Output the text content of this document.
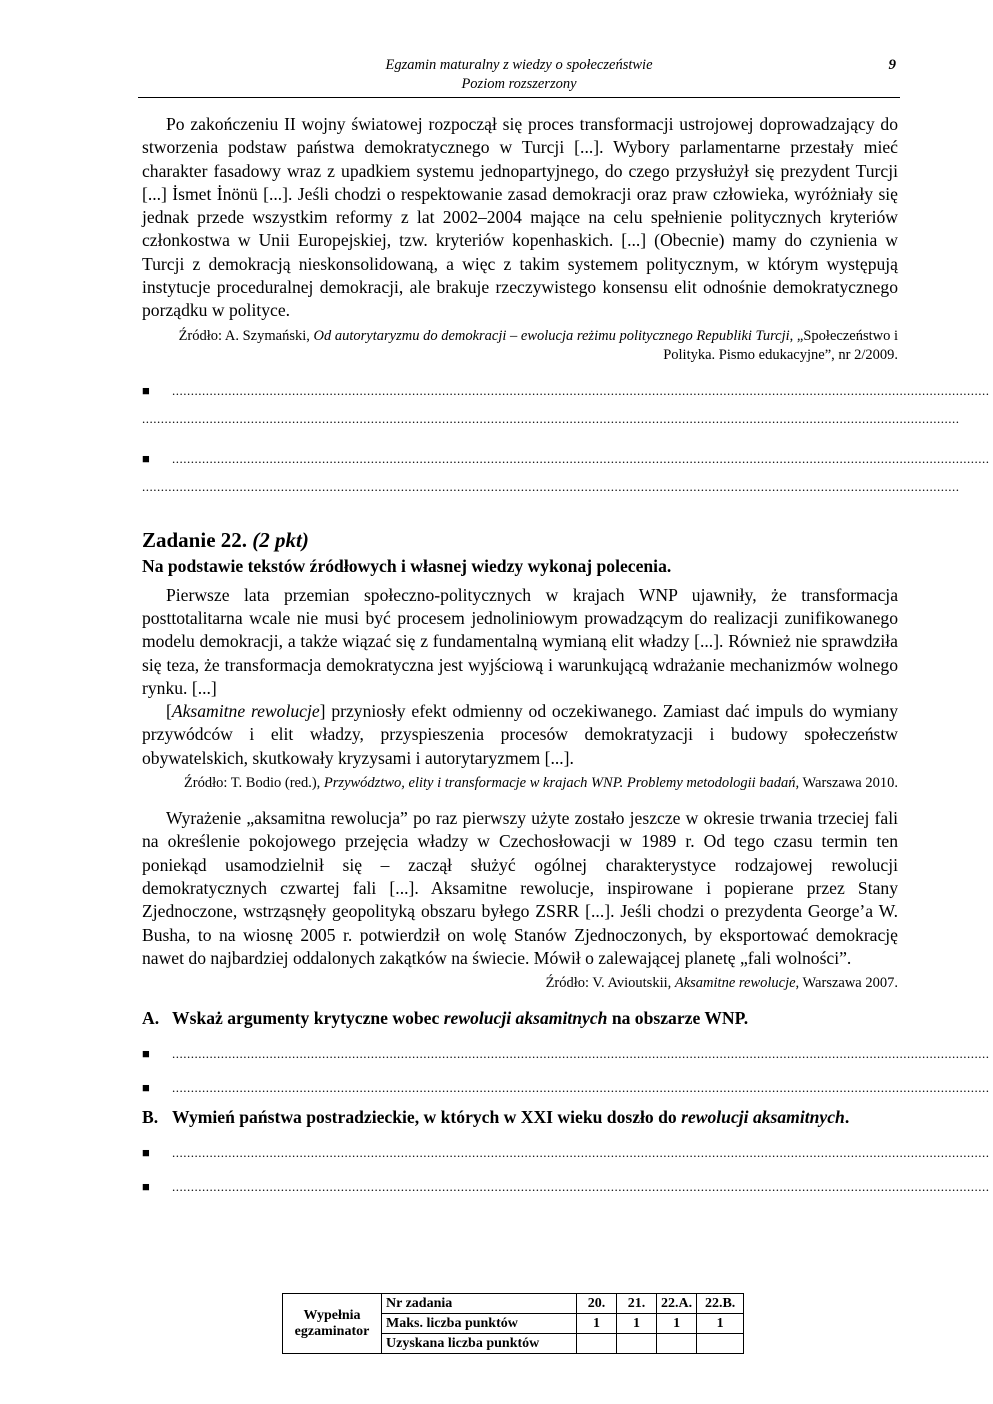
Egzamin maturalny z wiedzy o społeczeństwie
Poziom rozszerzony
9

Po zakończeniu II wojny światowej rozpoczął się proces transformacji ustrojowej doprowadzający do stworzenia podstaw państwa demokratycznego w Turcji [...]. Wybory parlamentarne przestały mieć charakter fasadowy wraz z upadkiem systemu jednopartyjnego, do czego przysłużył się prezydent Turcji [...] İsmet İnönü [...]. Jeśli chodzi o respektowanie zasad demokracji oraz praw człowieka, wyróżniały się jednak przede wszystkim reformy z lat 2002–2004 mające na celu spełnienie politycznych kryteriów członkostwa w Unii Europejskiej, tzw. kryteriów kopenhaskich. [...] (Obecnie) mamy do czynienia w Turcji z demokracją nieskonsolidowaną, a więc z takim systemem politycznym, w którym występują instytucje proceduralnej demokracji, ale brakuje rzeczywistego konsensu elit odnośnie demokratycznego porządku w polityce.

Źródło: A. Szymański, Od autorytaryzmu do demokracji – ewolucja reżimu politycznego Republiki Turcji, „Społeczeństwo i Polityka. Pismo edukacyjne”, nr 2/2009.
■	..........................................................................................................................................................................................................................
..........................................................................................................................................................................................................................
■	..........................................................................................................................................................................................................................
..........................................................................................................................................................................................................................
Zadanie 22. (2 pkt)
Na podstawie tekstów źródłowych i własnej wiedzy wykonaj polecenia.

Pierwsze lata przemian społeczno-politycznych w krajach WNP ujawniły, że transformacja posttotalitarna wcale nie musi być procesem jednoliniowym prowadzącym do realizacji zunifikowanego modelu demokracji, a także wiązać się z fundamentalną wymianą elit władzy [...]. Również nie sprawdziła się teza, że transformacja demokratyczna jest wyjściową i warunkującą wdrażanie mechanizmów wolnego rynku. [...]

[Aksamitne rewolucje] przyniosły efekt odmienny od oczekiwanego. Zamiast dać impuls do wymiany przywódców i elit władzy, przyspieszenia procesów demokratyzacji i budowy społeczeństw obywatelskich, skutkowały kryzysami i autorytaryzmem [...].

Źródło: T. Bodio (red.), Przywództwo, elity i transformacje w krajach WNP. Problemy metodologii badań, Warszawa 2010.

Wyrażenie „aksamitna rewolucja” po raz pierwszy użyte zostało jeszcze w okresie trwania trzeciej fali na określenie pokojowego przejęcia władzy w Czechosłowacji w 1989 r. Od tego czasu termin ten poniekąd usamodzielnił się – zaczął służyć ogólnej charakterystyce rodzajowej rewolucji demokratycznych czwartej fali [...]. Aksamitne rewolucje, inspirowane i popierane przez Stany Zjednoczone, wstrząsnęły geopolityką obszaru byłego ZSRR [...]. Jeśli chodzi o prezydenta George’a W. Busha, to na wiosnę 2005 r. potwierdził on wolę Stanów Zjednoczonych, by eksportować demokrację nawet do najbardziej oddalonych zakątków na świecie. Mówił o zalewającej planetę „fali wolności”.

Źródło: V. Avioutskii, Aksamitne rewolucje, Warszawa 2007.
A. Wskaż argumenty krytyczne wobec rewolucji aksamitnych na obszarze WNP.
■	..........................................................................................................................................................................................................................
■	..........................................................................................................................................................................................................................
B. Wymień państwa postradzieckie, w których w XXI wieku doszło do rewolucji aksamitnych.
■	..........................................................................................................................................................................................................................
■	..........................................................................................................................................................................................................................
Wypełnia
egzaminator	Nr zadania	20.	21.	22.A.	22.B.
	Maks. liczba punktów	1	1	1	1
	Uzyskana liczba punktów				
